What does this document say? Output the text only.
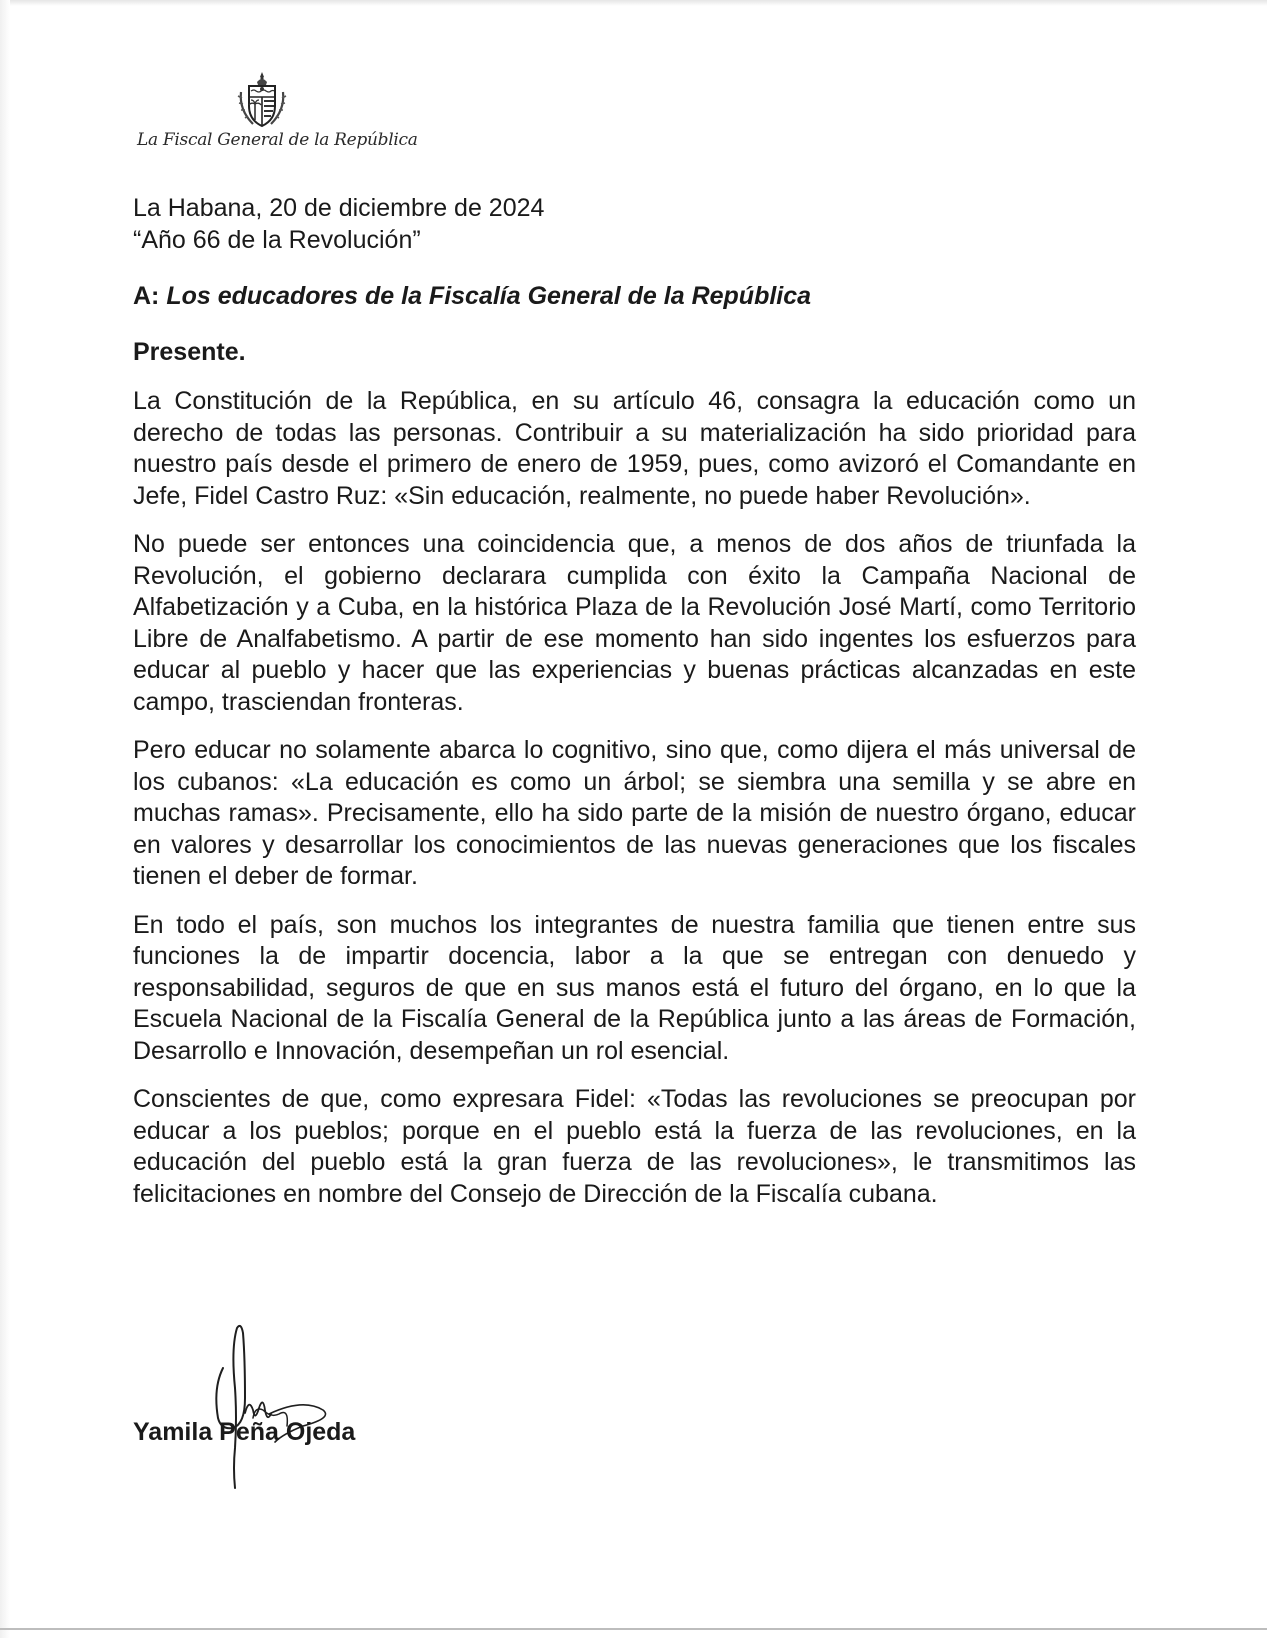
La Fiscal General de la República

La Habana, 20 de diciembre de 2024

“Año 66 de la Revolución”

A: Los educadores de la Fiscalía General de la República

Presente.

La Constitución de la República, en su artículo 46, consagra la educación como un derecho de todas las personas. Contribuir a su materialización ha sido prioridad para nuestro país desde el primero de enero de 1959, pues, como avizoró el Comandante en Jefe, Fidel Castro Ruz: «Sin educación, realmente, no puede haber Revolución».

No puede ser entonces una coincidencia que, a menos de dos años de triunfada la Revolución, el gobierno declarara cumplida con éxito la Campaña Nacional de Alfabetización y a Cuba, en la histórica Plaza de la Revolución José Martí, como Territorio Libre de Analfabetismo. A partir de ese momento han sido ingentes los esfuerzos para educar al pueblo y hacer que las experiencias y buenas prácticas alcanzadas en este campo, trasciendan fronteras.

Pero educar no solamente abarca lo cognitivo, sino que, como dijera el más universal de los cubanos: «La educación es como un árbol; se siembra una semilla y se abre en muchas ramas». Precisamente, ello ha sido parte de la misión de nuestro órgano, educar en valores y desarrollar los conocimientos de las nuevas generaciones que los fiscales tienen el deber de formar.

En todo el país, son muchos los integrantes de nuestra familia que tienen entre sus funciones la de impartir docencia, labor a la que se entregan con denuedo y responsabilidad, seguros de que en sus manos está el futuro del órgano, en lo que la Escuela Nacional de la Fiscalía General de la República junto a las áreas de Formación, Desarrollo e Innovación, desempeñan un rol esencial.

Conscientes de que, como expresara Fidel: «Todas las revoluciones se preocupan por educar a los pueblos; porque en el pueblo está la fuerza de las revoluciones, en la educación del pueblo está la gran fuerza de las revoluciones», le transmitimos las felicitaciones en nombre del Consejo de Dirección de la Fiscalía cubana.

Yamila Peña Ojeda
